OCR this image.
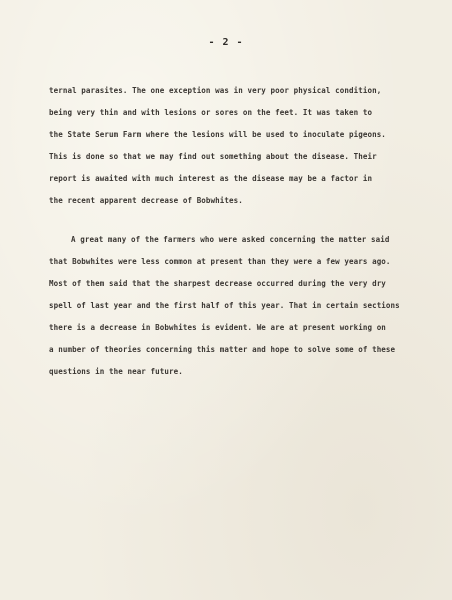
- 2 -

ternal parasites. The one exception was in very poor physical condition,
being very thin and with lesions or sores on the feet. It was taken to
the State Serum Farm where the lesions will be used to inoculate pigeons.
This is done so that we may find out something about the disease. Their
report is awaited with much interest as the disease may be a factor in
the recent apparent decrease of Bobwhites.

A great many of the farmers who were asked concerning the matter said
that Bobwhites were less common at present than they were a few years ago.
Most of them said that the sharpest decrease occurred during the very dry
spell of last year and the first half of this year. That in certain sections
there is a decrease in Bobwhites is evident. We are at present working on
a number of theories concerning this matter and hope to solve some of these
questions in the near future.
